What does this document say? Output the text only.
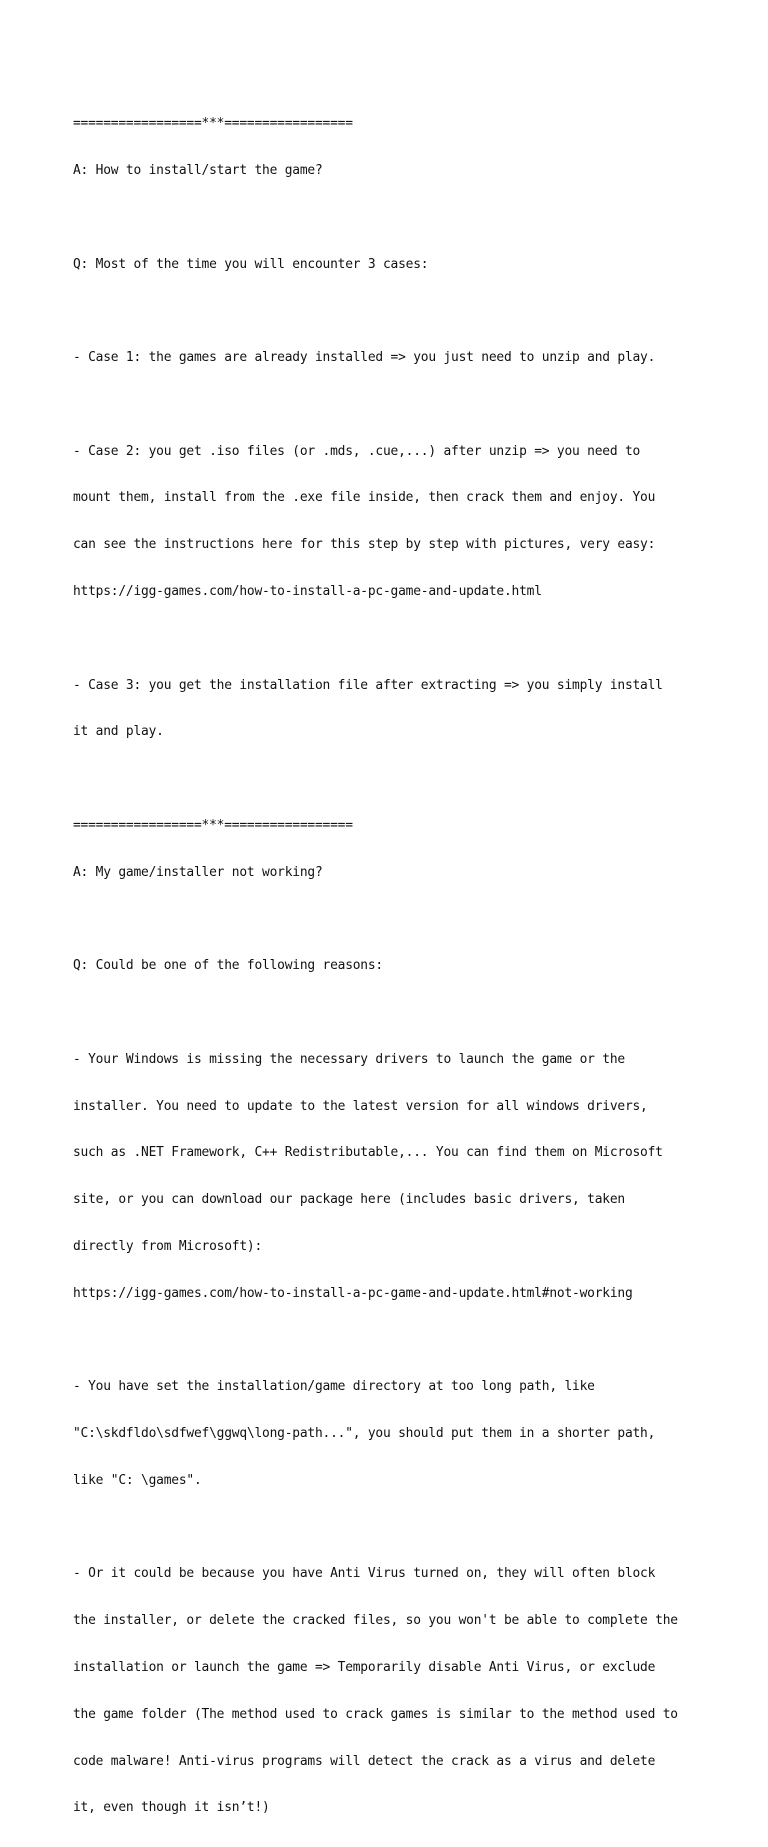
=================***=================

A: How to install/start the game?

Q: Most of the time you will encounter 3 cases:

- Case 1: the games are already installed => you just need to unzip and play.

- Case 2: you get .iso files (or .mds, .cue,...) after unzip => you need to

mount them, install from the .exe file inside, then crack them and enjoy. You

can see the instructions here for this step by step with pictures, very easy:

https://igg-games.com/how-to-install-a-pc-game-and-update.html

- Case 3: you get the installation file after extracting => you simply install

it and play.

=================***=================

A: My game/installer not working?

Q: Could be one of the following reasons:

- Your Windows is missing the necessary drivers to launch the game or the

installer. You need to update to the latest version for all windows drivers,

such as .NET Framework, C++ Redistributable,... You can find them on Microsoft

site, or you can download our package here (includes basic drivers, taken

directly from Microsoft):

https://igg-games.com/how-to-install-a-pc-game-and-update.html#not-working

- You have set the installation/game directory at too long path, like

"C:\skdfldo\sdfwef\ggwq\long-path...", you should put them in a shorter path,

like "C: \games".

- Or it could be because you have Anti Virus turned on, they will often block

the installer, or delete the cracked files, so you won't be able to complete the

installation or launch the game => Temporarily disable Anti Virus, or exclude

the game folder (The method used to crack games is similar to the method used to

code malware! Anti-virus programs will detect the crack as a virus and delete

it, even though it isn’t!)
